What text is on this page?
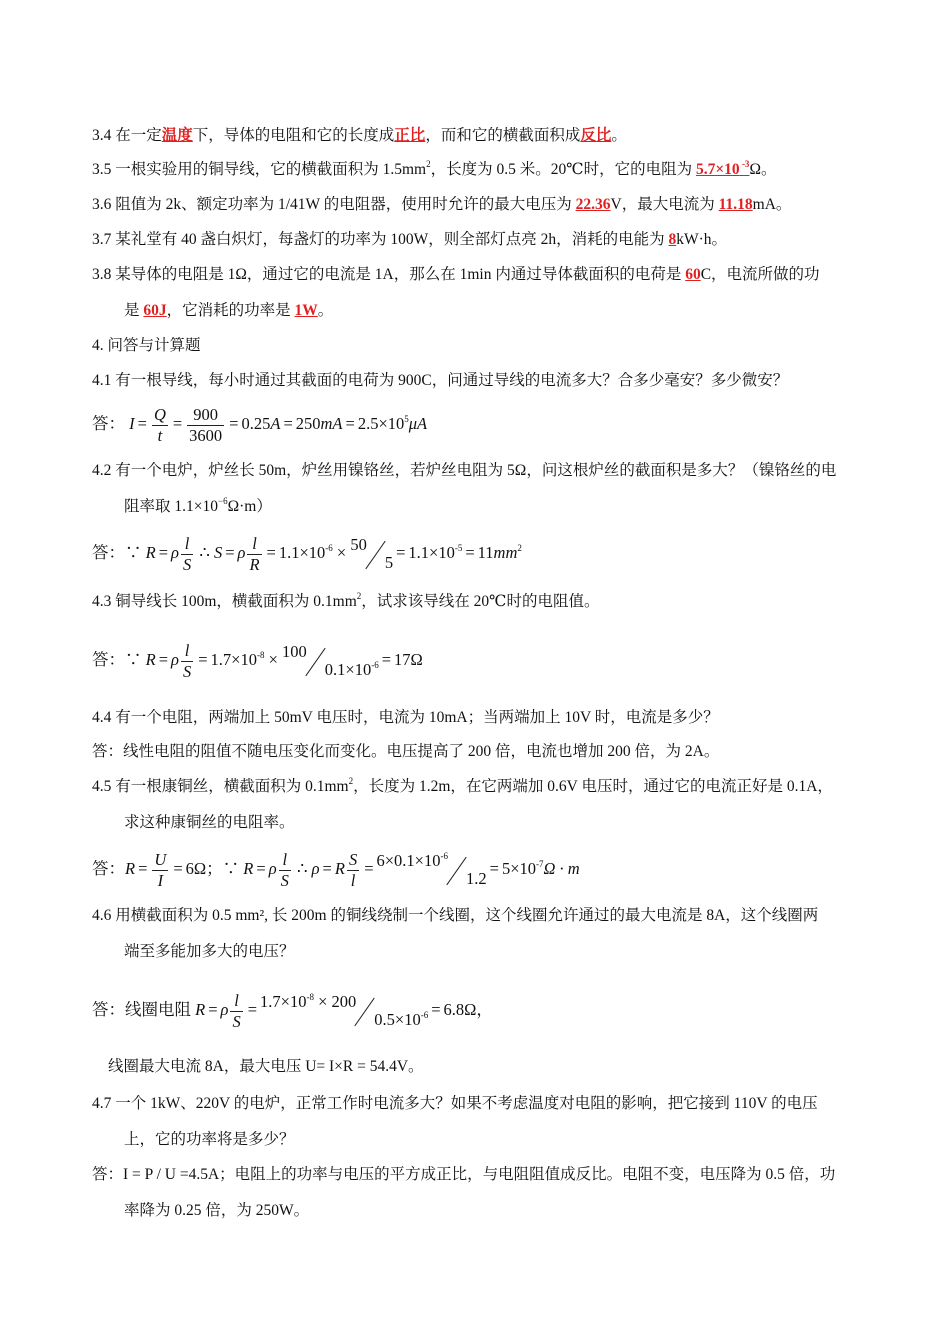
3.4 在一定温度下，导体的电阻和它的长度成正比，而和它的横截面积成反比。
3.5 一根实验用的铜导线，它的横截面积为 $1.5mm^2$，长度为 0.5 米。20℃时，它的电阻为 5.7×10 $^{-3}$Ω。
3.6 阻值为 2k、额定功率为 1/41W 的电阻器，使用时允许的最大电压为 22.36V，最大电流为 11.18mA。
3.7 某礼堂有 40 盏白炽灯，每盏灯的功率为 100W，则全部灯点亮 2h，消耗的电能为 8kW·h。
3.8 某导体的电阻是 1Ω，通过它的电流是 1A，那么在 1min 内通过导体截面积的电荷是 60C，电流所做的功
是 60J，它消耗的功率是 1W。
4. 问答与计算题
4.1 有一根导线，每小时通过其截面的电荷为 900C，问通过导线的电流多大？合多少毫安？多少微安？
答： $I = \frac{Q}{t} = \frac{900}{3600} = 0.25A = 250mA = 2.5\times 10^5\mu A$
4.2 有一个电炉，炉丝长 50m，炉丝用镍铬丝，若炉丝电阻为 5Ω，问这根炉丝的截面积是多大？（镍铬丝的电
阻率取 $1.1\times 10^{-6}\Omega\cdot m$）
答：∵ R = ρ $\frac{l}{S}$ ∴ S = ρ $\frac{l}{R} = 1.1\times 10^{-6} \times 505= 1.1\times 10^{-5} = 11mm^2$
4.3 铜导线长 100m，横截面积为 $0.1mm^2$，试求该导线在 20℃时的电阻值。
答：∵ R = ρ $\frac{l}{S} = 1.7\times 10^{-8} \times 1000.1\times 10^{-6} = 17\Omega$
4.4 有一个电阻，两端加上 50mV 电压时，电流为 10mA；当两端加上 10V 时，电流是多少？
答：线性电阻的阻值不随电压变化而变化。电压提高了 200 倍，电流也增加 200 倍，为 2A。
4.5 有一根康铜丝，横截面积为 $0.1mm^2$，长度为 1.2m，在它两端加 0.6V 电压时，通过它的电流正好是 0.1A，
求这种康铜丝的电阻率。
答：$R = \frac{U}{I} = 6\Omega$；∵ R = ρ $\frac{l}{S}$ ∴ ρ = R $\frac{S}{l} = 6\times 0.1\times 10^{-6}1.2= 5\times 10^{-7}\Omega \cdot m$
4.6 用横截面积为 0.5 mm², 长 200m 的铜线绕制一个线圈，这个线圈允许通过的最大电流是 8A，这个线圈两
端至多能加多大的电压？
答：线圈电阻 R = ρ $\frac{l}{S} = 1.7\times 10^{-8} \times 2000.5\times 10^{-6} = 6.8\Omega$，
线圈最大电流 8A，最大电压 U= I×R = 54.4V。
4.7 一个 1kW、220V 的电炉，正常工作时电流多大？如果不考虑温度对电阻的影响，把它接到 110V 的电压
上，它的功率将是多少？
答：I = P / U =4.5A；电阻上的功率与电压的平方成正比，与电阻阻值成反比。电阻不变，电压降为 0.5 倍，功
率降为 0.25 倍，为 250W。
